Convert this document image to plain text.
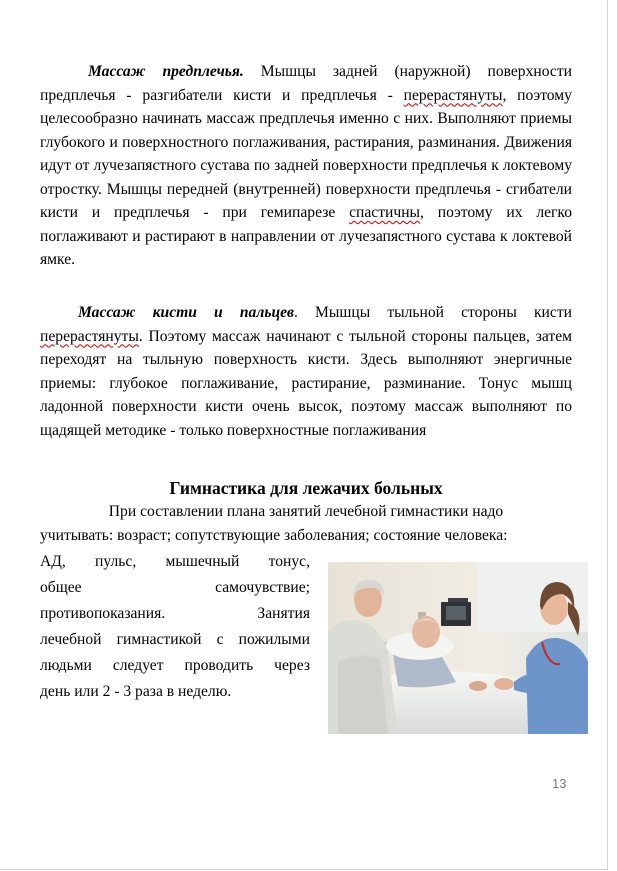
Массаж предплечья. Мышцы задней (наружной) поверхности предплечья - разгибатели кисти и предплечья - перерастянуты, поэтому целесообразно начинать массаж предплечья именно с них. Выполняют приемы глубокого и поверхностного поглаживания, растирания, разминания. Движения идут от лучезапястного сустава по задней поверхности предплечья к локтевому отростку. Мышцы передней (внутренней) поверхности предплечья - сгибатели кисти и предплечья - при гемипарезе спастичны, поэтому их легко поглаживают и растирают в направлении от лучезапястного сустава к локтевой ямке.
Массаж кисти и пальцев. Мышцы тыльной стороны кисти перерастянуты. Поэтому массаж начинают с тыльной стороны пальцев, затем переходят на тыльную поверхность кисти. Здесь выполняют энергичные приемы: глубокое поглаживание, растирание, разминание. Тонус мышц ладонной поверхности кисти очень высок, поэтому массаж выполняют по щадящей методике - только поверхностные поглаживания
Гимнастика для лежачих больных
При составлении плана занятий лечебной гимнастики надо
учитывать: возраст; сопутствующие заболевания; состояние человека:
АД, пульс, мышечный тонус,
общее самочувствие;
противопоказания. Занятия
лечебной гимнастикой с пожилыми
людьми следует проводить через
день или 2 - 3 раза в неделю.
13
